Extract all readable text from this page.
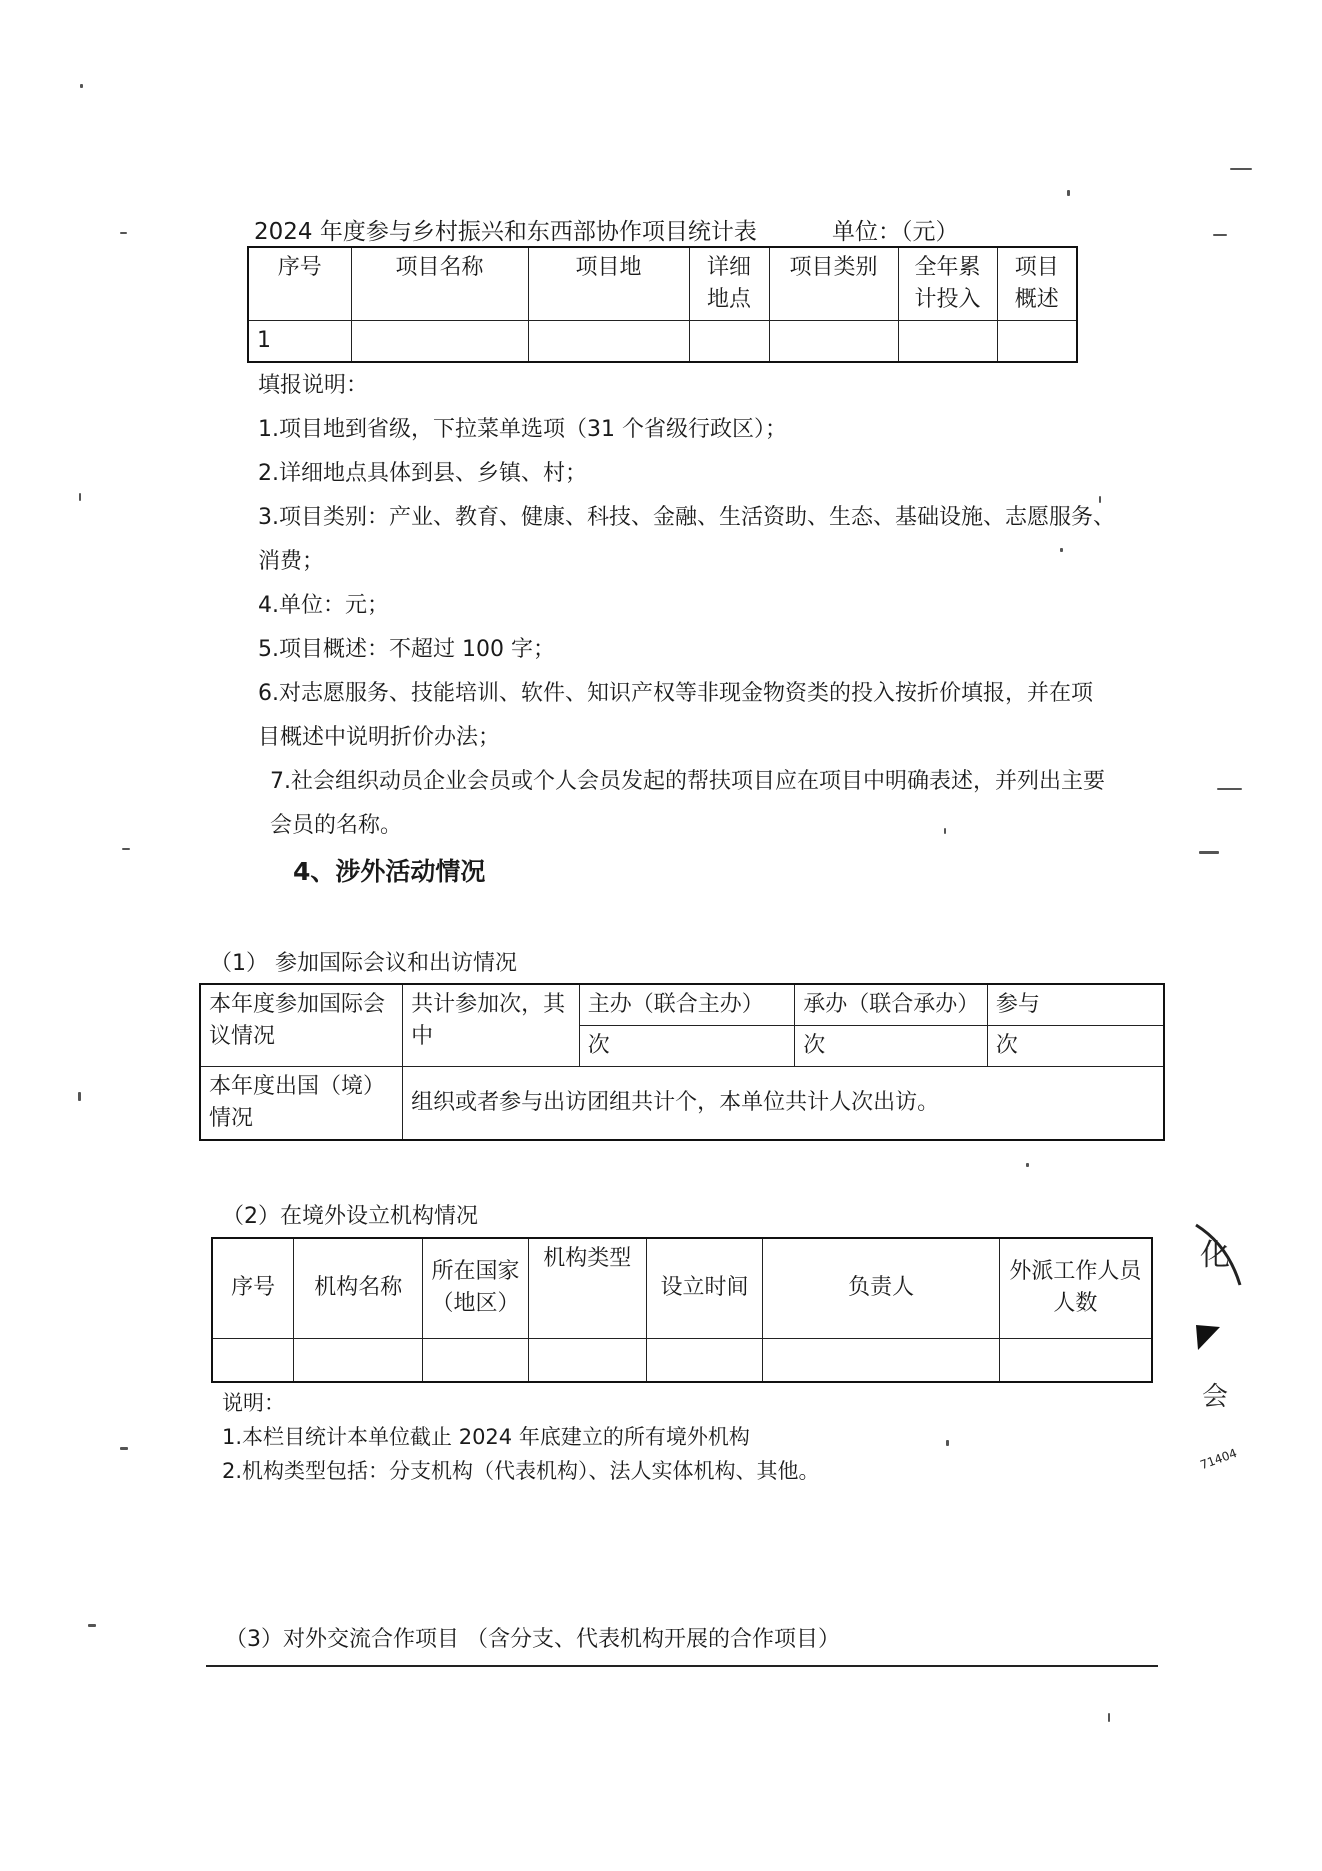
2024 年度参与乡村振兴和东西部协作项目统计表	单位：（元）
序号	项目名称	项目地	详细地点	项目类别	全年累计投入	项目概述
1						

填报说明：

1.项目地到省级，下拉菜单选项（31 个省级行政区）；

2.详细地点具体到县、乡镇、村；

3.项目类别：产业、教育、健康、科技、金融、生活资助、生态、基础设施、志愿服务、

消费；

4.单位：元；

5.项目概述：不超过 100 字；

6.对志愿服务、技能培训、软件、知识产权等非现金物资类的投入按折价填报，并在项

目概述中说明折价办法；

7.社会组织动员企业会员或个人会员发起的帮扶项目应在项目中明确表述，并列出主要

会员的名称。

4、涉外活动情况
（1） 参加国际会议和出访情况
本年度参加国际会议情况	共计参加次，其中	主办（联合主办）	承办（联合承办）	参与
		次	次	次
本年度出国（境）情况	组织或者参与出访团组共计个，本单位共计人次出访。			
（2）在境外设立机构情况
序号	机构名称	所在国家（地区）	机构类型	设立时间	负责人	外派工作人员人数

说明：

1.本栏目统计本单位截止 2024 年底建立的所有境外机构

2.机构类型包括：分支机构（代表机构）、法人实体机构、其他。

（3）对外交流合作项目 （含分支、代表机构开展的合作项目）
化
会
71404
